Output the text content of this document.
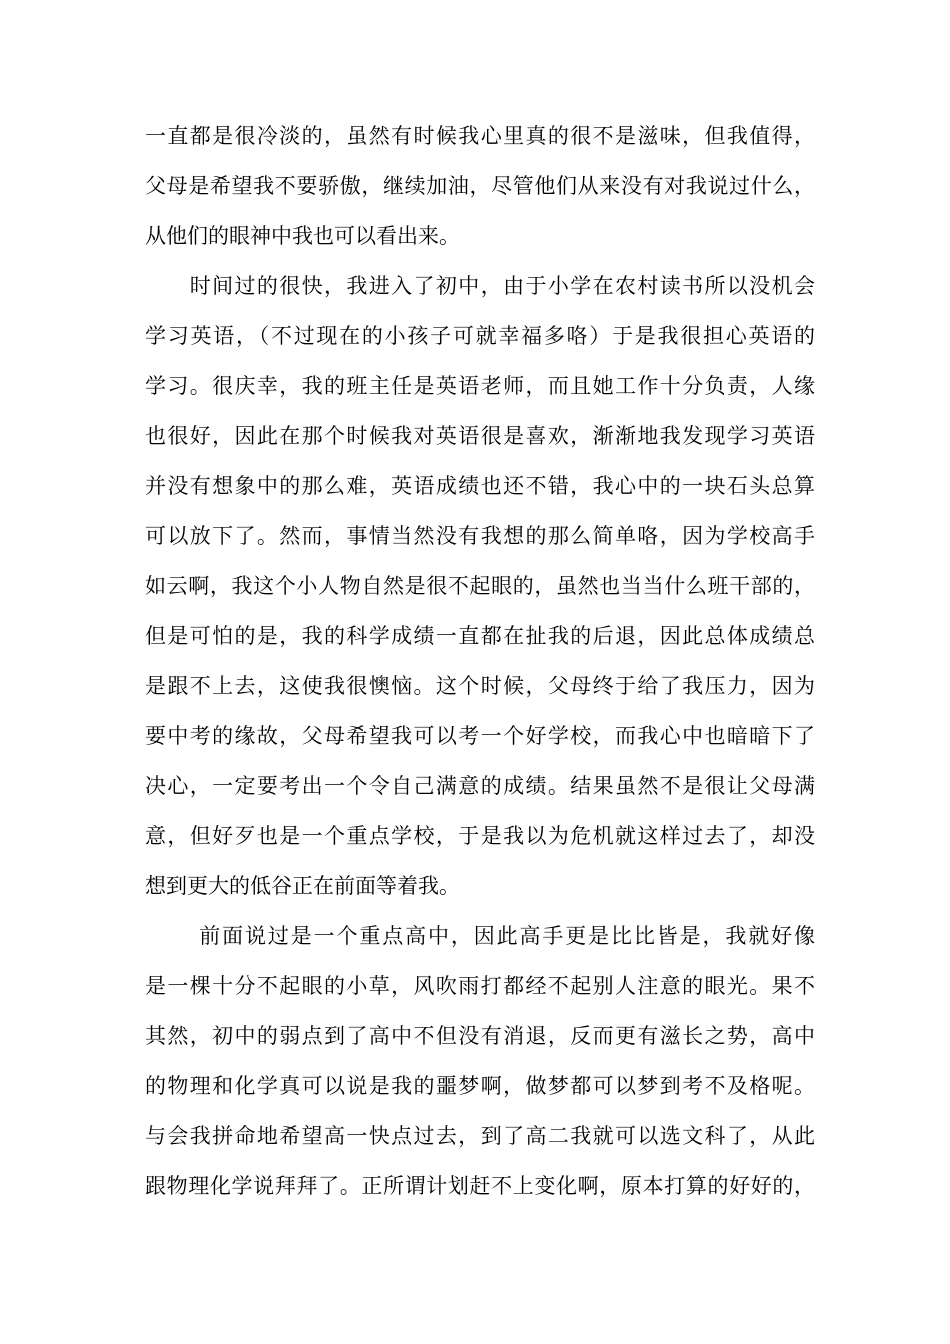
一直都是很冷淡的，虽然有时候我心里真的很不是滋味，但我值得，
父母是希望我不要骄傲，继续加油，尽管他们从来没有对我说过什么，
从他们的眼神中我也可以看出来。
　　时间过的很快，我进入了初中，由于小学在农村读书所以没机会
学习英语，（不过现在的小孩子可就幸福多咯）于是我很担心英语的
学习。很庆幸，我的班主任是英语老师，而且她工作十分负责，人缘
也很好，因此在那个时候我对英语很是喜欢，渐渐地我发现学习英语
并没有想象中的那么难，英语成绩也还不错，我心中的一块石头总算
可以放下了。然而，事情当然没有我想的那么简单咯，因为学校高手
如云啊，我这个小人物自然是很不起眼的，虽然也当当什么班干部的，
但是可怕的是，我的科学成绩一直都在扯我的后退，因此总体成绩总
是跟不上去，这使我很懊恼。这个时候，父母终于给了我压力，因为
要中考的缘故，父母希望我可以考一个好学校，而我心中也暗暗下了
决心，一定要考出一个令自己满意的成绩。结果虽然不是很让父母满
意，但好歹也是一个重点学校，于是我以为危机就这样过去了，却没
想到更大的低谷正在前面等着我。
　　 前面说过是一个重点高中，因此高手更是比比皆是，我就好像
是一棵十分不起眼的小草，风吹雨打都经不起别人注意的眼光。果不
其然，初中的弱点到了高中不但没有消退，反而更有滋长之势，高中
的物理和化学真可以说是我的噩梦啊，做梦都可以梦到考不及格呢。
与会我拼命地希望高一快点过去，到了高二我就可以选文科了，从此
跟物理化学说拜拜了。正所谓计划赶不上变化啊，原本打算的好好的，
